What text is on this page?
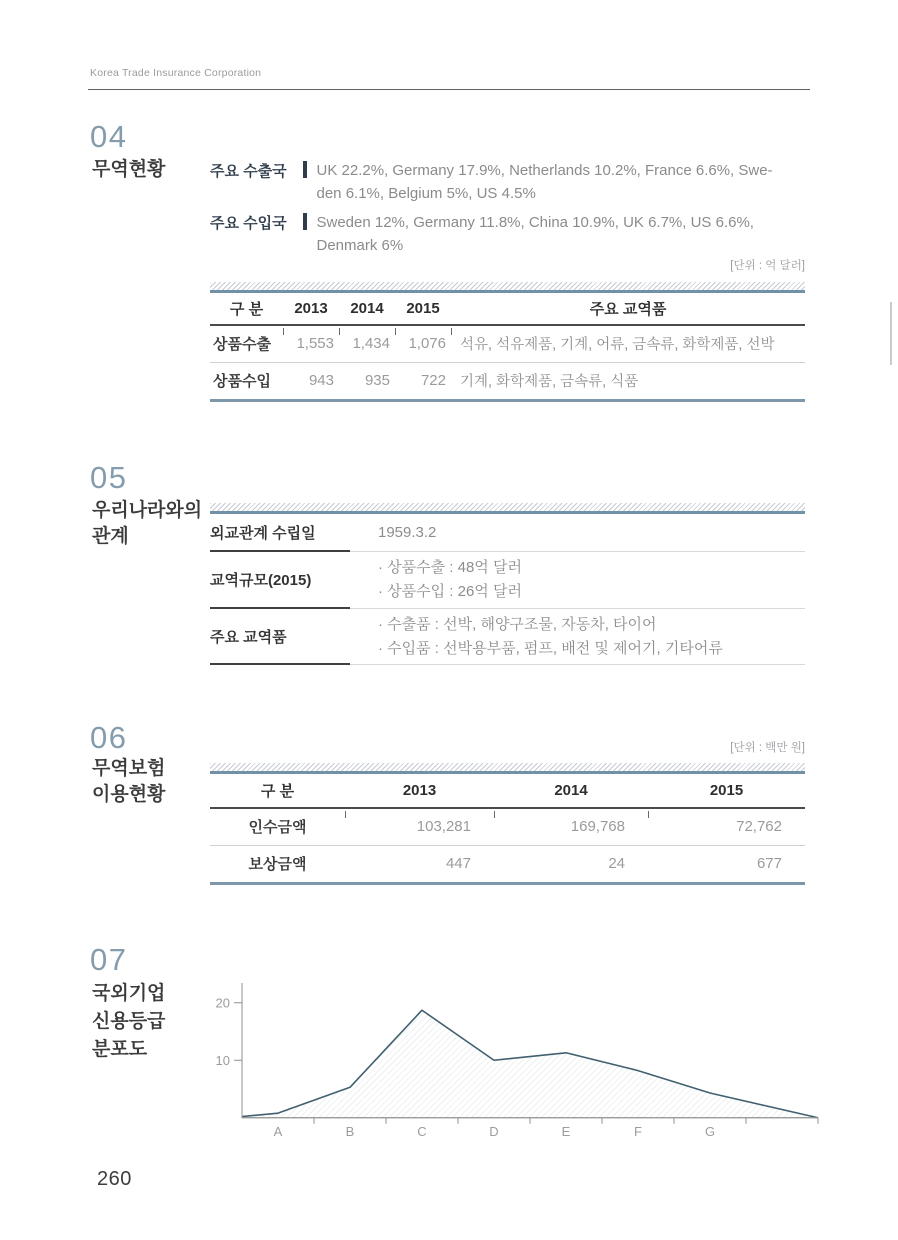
Korea Trade Insurance Corporation
04
무역현황	주요 수출국	UK 22.2%, Germany 17.9%, Netherlands 10.2%, France 6.6%, Swe-
den 6.1%, Belgium 5%, US 4.5%
주요 수입국	Sweden 12%, Germany 11.8%, China 10.9%, UK 6.7%, US 6.6%,
Denmark 6%
[단위 : 억 달러]
구 분	2013	2014	2015	주요 교역품
상품수출	1,553	1,434	1,076 석유, 석유제품, 기계, 어류, 금속류, 화학제품, 선박
상품수입	943	935	722 기계, 화학제품, 금속류, 식품
05
우리나라와의
관계	외교관계 수립일	1959.3.2
교역규모(2015)
· 상품수출 : 48억 달러
· 상품수입 : 26억 달러
주요 교역품
· 수출품 : 선박, 해양구조물, 자동차, 타이어
· 수입품 : 선박용부품, 펌프, 배전 및 제어기, 기타어류
06	[단위 : 백만 원]
무역보험
이용현황	구 분	2013	2014	2015
인수금액	103,281	169,768	72,762
보상금액	447	24	677
07
국외기업
신용등급
분포도
10
20
A	B	C	D	E	F	G
260
